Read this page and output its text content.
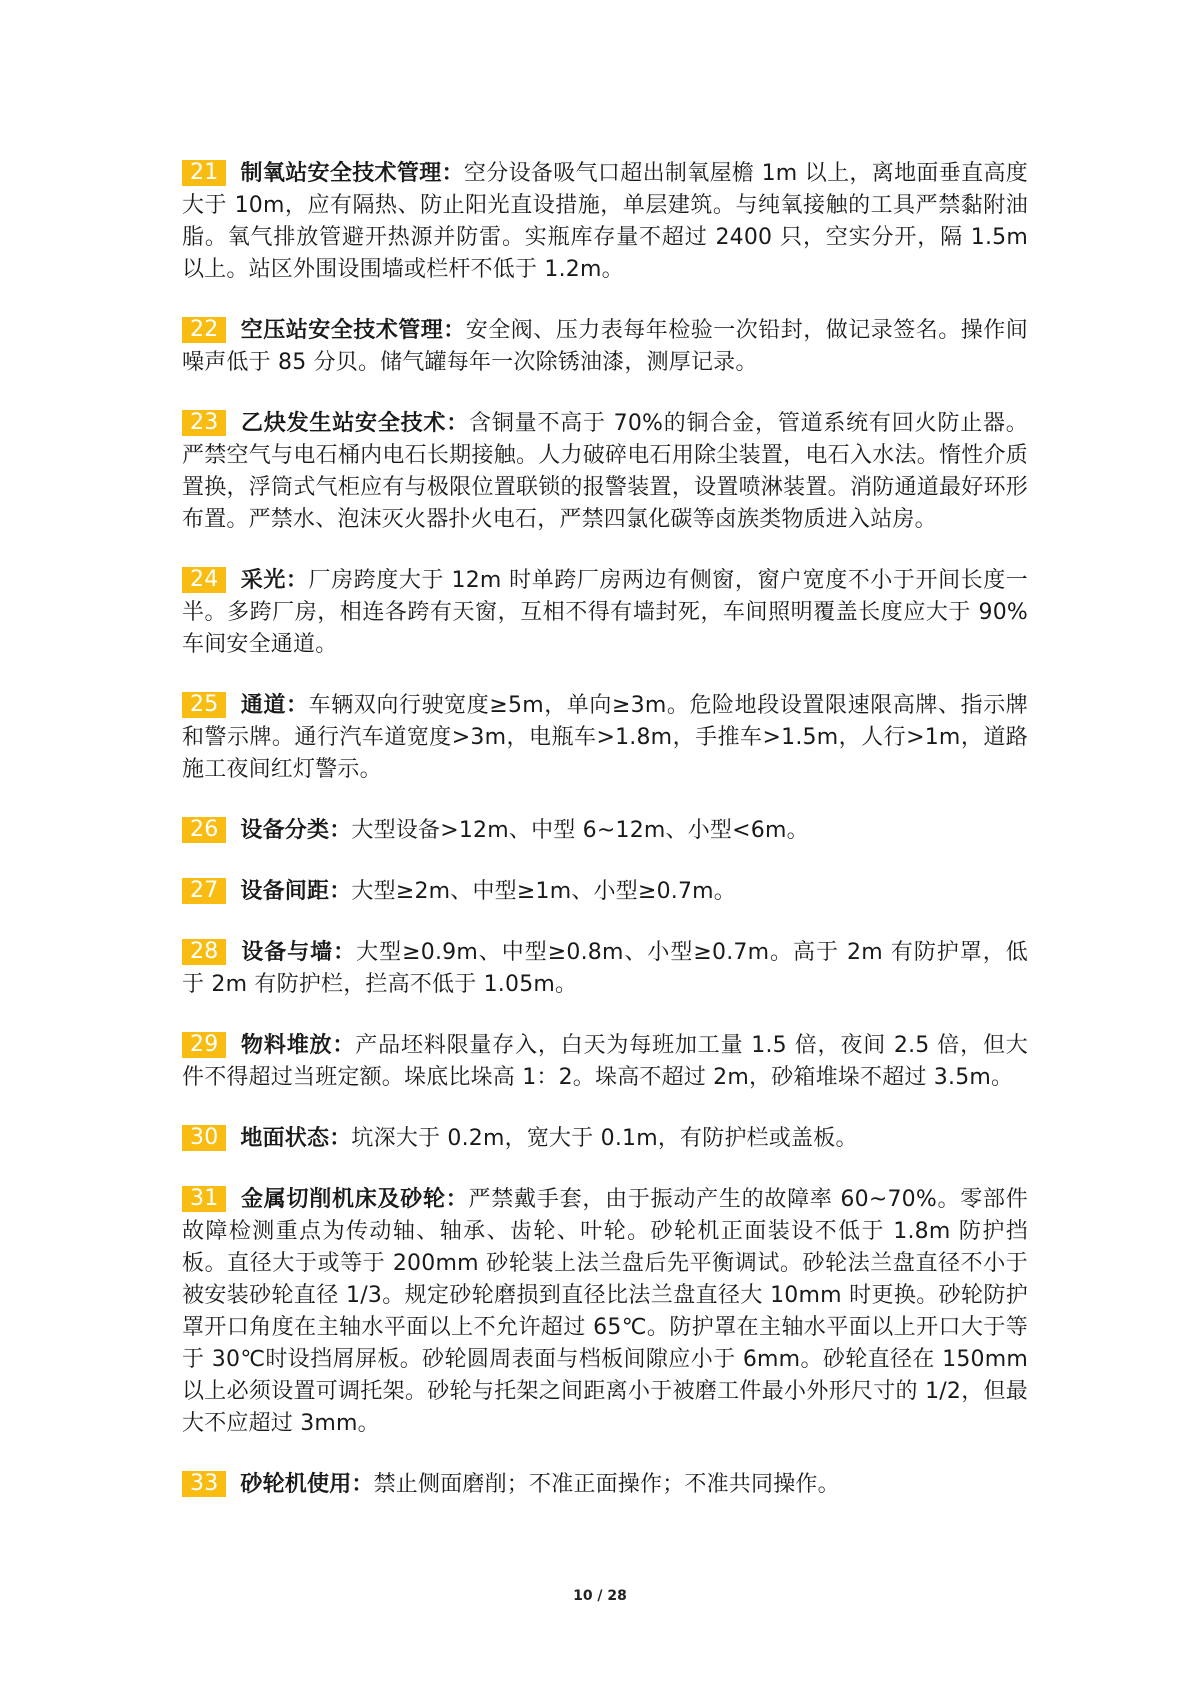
21 制氧站安全技术管理：空分设备吸气口超出制氧屋檐 1m 以上，离地面垂直高度大于 10m，应有隔热、防止阳光直设措施，单层建筑。与纯氧接触的工具严禁黏附油脂。氧气排放管避开热源并防雷。实瓶库存量不超过 2400 只，空实分开，隔 1.5m 以上。站区外围设围墙或栏杆不低于 1.2m。

22 空压站安全技术管理：安全阀、压力表每年检验一次铅封，做记录签名。操作间噪声低于 85 分贝。储气罐每年一次除锈油漆，测厚记录。

23 乙炔发生站安全技术：含铜量不高于 70%的铜合金，管道系统有回火防止器。严禁空气与电石桶内电石长期接触。人力破碎电石用除尘装置，电石入水法。惰性介质置换，浮筒式气柜应有与极限位置联锁的报警装置，设置喷淋装置。消防通道最好环形布置。严禁水、泡沫灭火器扑火电石，严禁四氯化碳等卤族类物质进入站房。

24 采光：厂房跨度大于 12m 时单跨厂房两边有侧窗，窗户宽度不小于开间长度一半。多跨厂房，相连各跨有天窗，互相不得有墙封死，车间照明覆盖长度应大于 90%车间安全通道。

25 通道：车辆双向行驶宽度≥5m，单向≥3m。危险地段设置限速限高牌、指示牌和警示牌。通行汽车道宽度>3m，电瓶车>1.8m，手推车>1.5m，人行>1m，道路施工夜间红灯警示。

26 设备分类：大型设备>12m、中型 6~12m、小型<6m。

27 设备间距：大型≥2m、中型≥1m、小型≥0.7m。

28 设备与墙：大型≥0.9m、中型≥0.8m、小型≥0.7m。高于 2m 有防护罩，低于 2m 有防护栏，拦高不低于 1.05m。

29 物料堆放：产品坯料限量存入，白天为每班加工量 1.5 倍，夜间 2.5 倍，但大件不得超过当班定额。垛底比垛高 1：2。垛高不超过 2m，砂箱堆垛不超过 3.5m。

30 地面状态：坑深大于 0.2m，宽大于 0.1m，有防护栏或盖板。

31 金属切削机床及砂轮：严禁戴手套，由于振动产生的故障率 60~70%。零部件故障检测重点为传动轴、轴承、齿轮、叶轮。砂轮机正面装设不低于 1.8m 防护挡板。直径大于或等于 200mm 砂轮装上法兰盘后先平衡调试。砂轮法兰盘直径不小于被安装砂轮直径 1/3。规定砂轮磨损到直径比法兰盘直径大 10mm 时更换。砂轮防护罩开口角度在主轴水平面以上不允许超过 65℃。防护罩在主轴水平面以上开口大于等于 30℃时设挡屑屏板。砂轮圆周表面与档板间隙应小于 6mm。砂轮直径在 150mm 以上必须设置可调托架。砂轮与托架之间距离小于被磨工件最小外形尺寸的 1/2，但最大不应超过 3mm。

33 砂轮机使用：禁止侧面磨削；不准正面操作；不准共同操作。

10 / 28
